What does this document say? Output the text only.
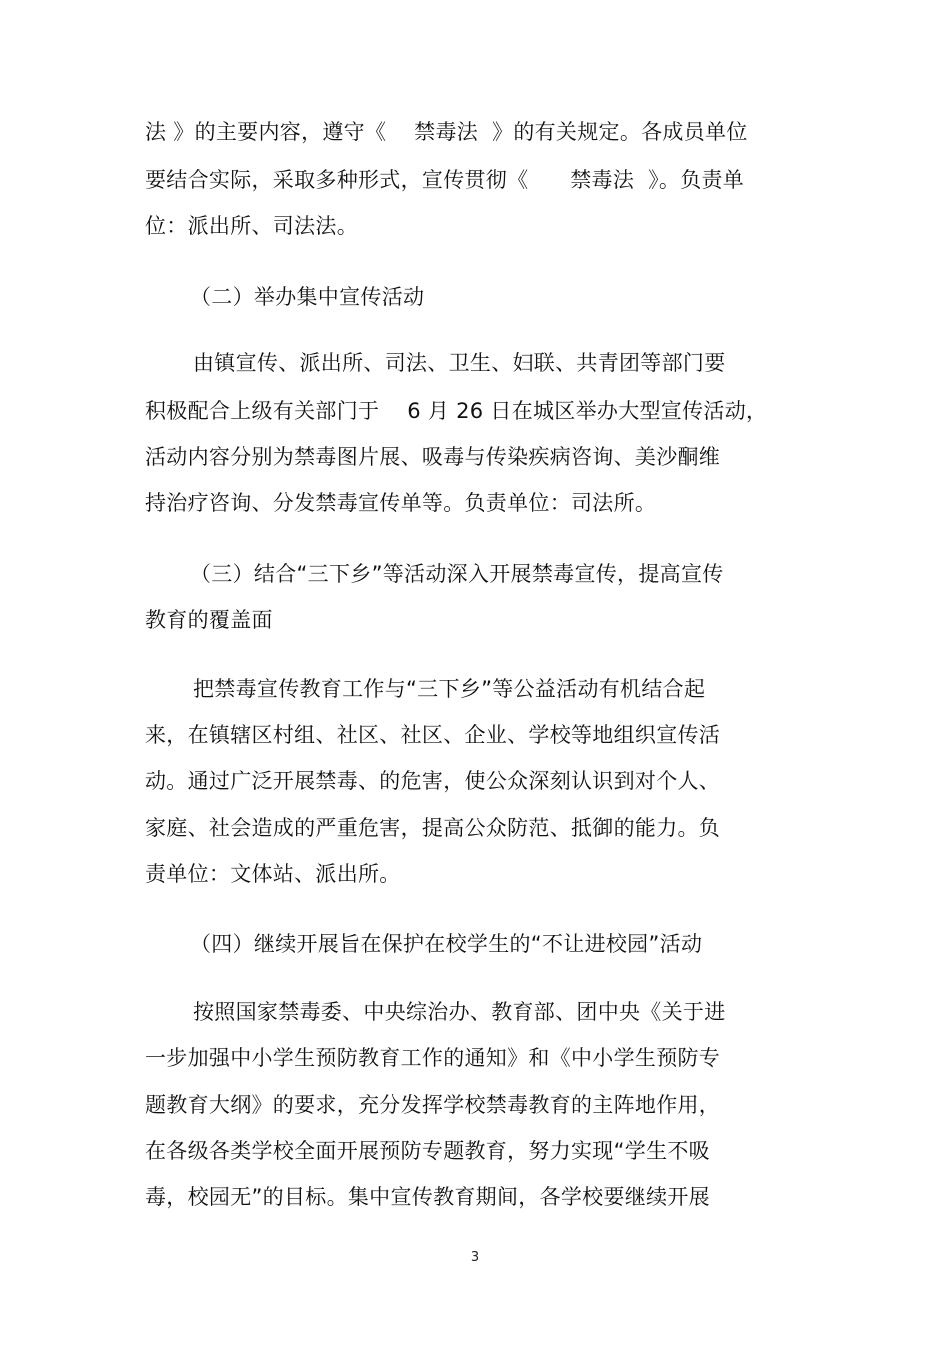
法 》的主要内容，遵守《    禁毒法  》的有关规定。各成员单位
要结合实际，采取多种形式，宣传贯彻《      禁毒法  》。负责单
位：派出所、司法法。
（二）举办集中宣传活动
由镇宣传、派出所、司法、卫生、妇联、共青团等部门要
积极配合上级有关部门于    6 月 26 日在城区举办大型宣传活动，
活动内容分别为禁毒图片展、吸毒与传染疾病咨询、美沙酮维
持治疗咨询、分发禁毒宣传单等。负责单位：司法所。
（三）结合“三下乡”等活动深入开展禁毒宣传，提高宣传
教育的覆盖面
把禁毒宣传教育工作与“三下乡”等公益活动有机结合起
来，在镇辖区村组、社区、社区、企业、学校等地组织宣传活
动。通过广泛开展禁毒、的危害，使公众深刻认识到对个人、
家庭、社会造成的严重危害，提高公众防范、抵御的能力。负
责单位：文体站、派出所。
（四）继续开展旨在保护在校学生的“不让进校园”活动
按照国家禁毒委、中央综治办、教育部、团中央《关于进
一步加强中小学生预防教育工作的通知》和《中小学生预防专
题教育大纲》的要求，充分发挥学校禁毒教育的主阵地作用，
在各级各类学校全面开展预防专题教育，努力实现“学生不吸
毒，校园无”的目标。集中宣传教育期间，各学校要继续开展
3
